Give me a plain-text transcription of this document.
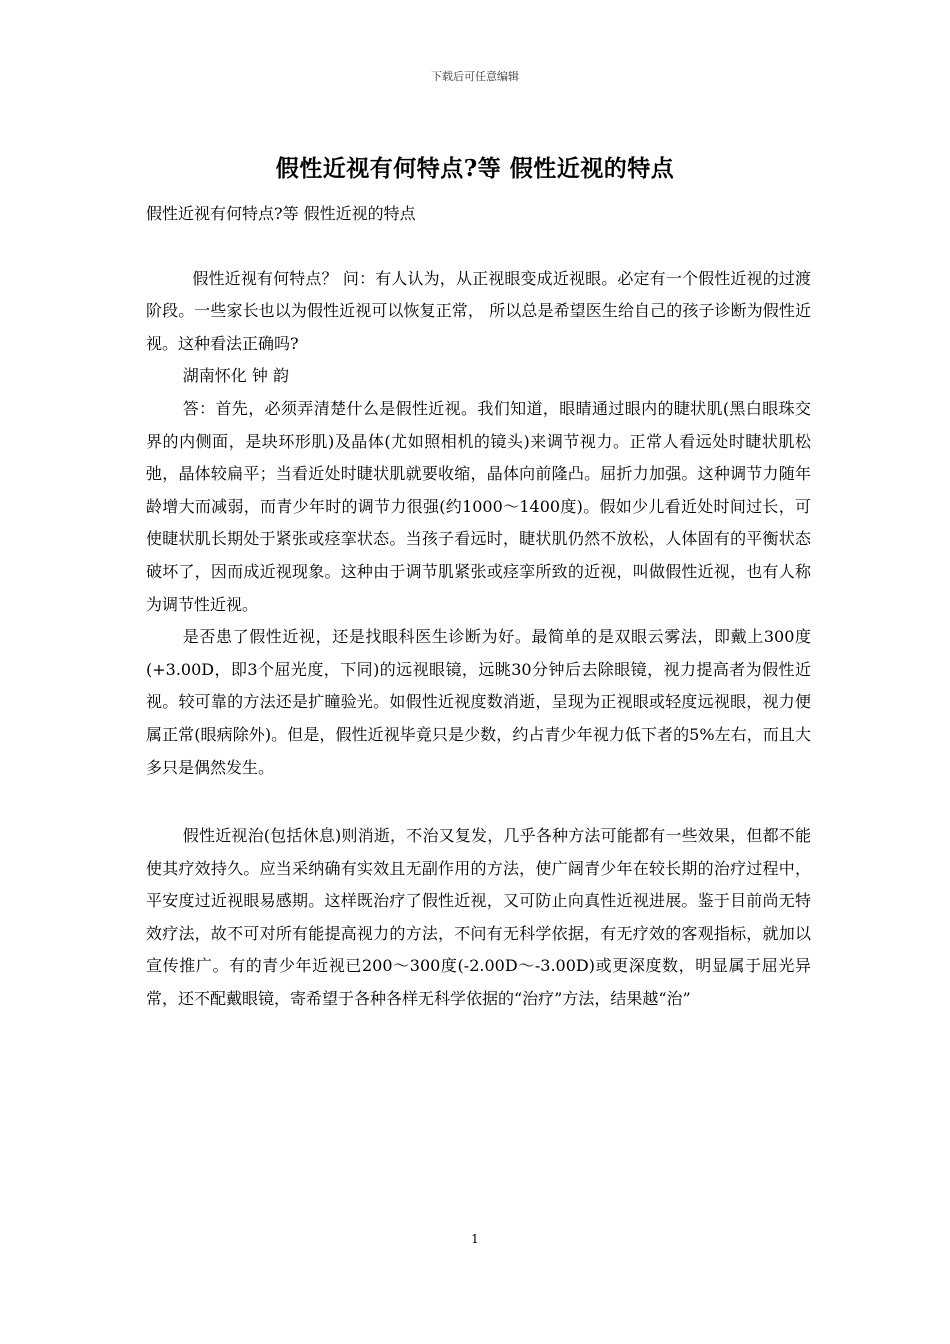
下载后可任意编辑
假性近视有何特点?等 假性近视的特点

假性近视有何特点?等 假性近视的特点

假性近视有何特点？ 问：有人认为，从正视眼变成近视眼。必定有一个假性近视的过渡阶段。一些家长也以为假性近视可以恢复正常， 所以总是希望医生给自己的孩子诊断为假性近视。这种看法正确吗?

湖南怀化 钟 韵

答：首先，必须弄清楚什么是假性近视。我们知道，眼睛通过眼内的睫状肌(黑白眼珠交界的内侧面，是块环形肌)及晶体(尤如照相机的镜头)来调节视力。正常人看远处时睫状肌松弛，晶体较扁平；当看近处时睫状肌就要收缩，晶体向前隆凸。屈折力加强。这种调节力随年龄增大而减弱，而青少年时的调节力很强(约1000～1400度)。假如少儿看近处时间过长，可使睫状肌长期处于紧张或痉挛状态。当孩子看远时，睫状肌仍然不放松，人体固有的平衡状态破坏了，因而成近视现象。这种由于调节肌紧张或痉挛所致的近视，叫做假性近视，也有人称为调节性近视。

是否患了假性近视，还是找眼科医生诊断为好。最简单的是双眼云雾法，即戴上300度(+3.00D，即3个屈光度，下同)的远视眼镜，远眺30分钟后去除眼镜，视力提高者为假性近视。较可靠的方法还是扩瞳验光。如假性近视度数消逝，呈现为正视眼或轻度远视眼，视力便属正常(眼病除外)。但是，假性近视毕竟只是少数，约占青少年视力低下者的5%左右，而且大多只是偶然发生。

假性近视治(包括休息)则消逝，不治又复发，几乎各种方法可能都有一些效果，但都不能使其疗效持久。应当采纳确有实效且无副作用的方法，使广阔青少年在较长期的治疗过程中，平安度过近视眼易感期。这样既治疗了假性近视，又可防止向真性近视进展。鉴于目前尚无特效疗法，故不可对所有能提高视力的方法，不问有无科学依据，有无疗效的客观指标，就加以宣传推广。有的青少年近视已200～300度(-2.00D～-3.00D)或更深度数，明显属于屈光异常，还不配戴眼镜，寄希望于各种各样无科学依据的“治疗”方法，结果越“治”

1
